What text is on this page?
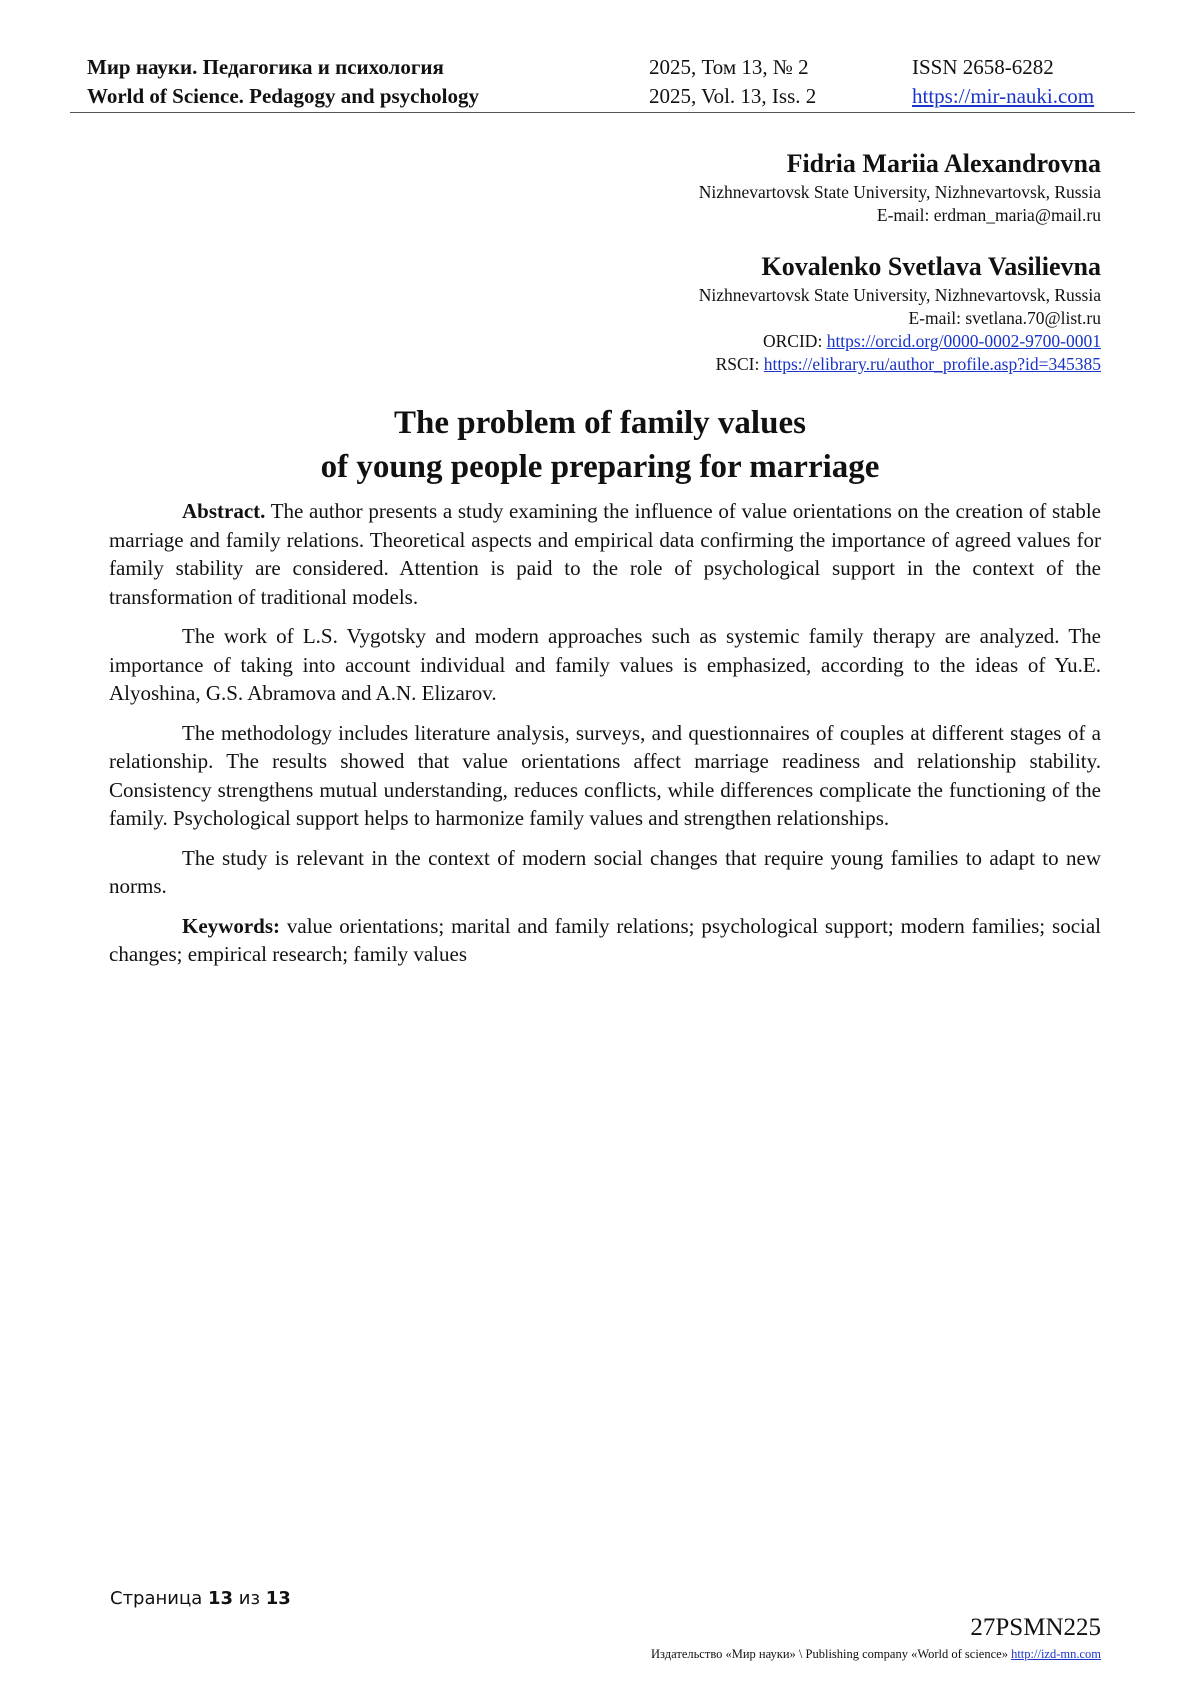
Мир науки. Педагогика и психология	2025, Том 13, № 2	ISSN 2658-6282
World of Science. Pedagogy and psychology	2025, Vol. 13, Iss. 2	https://mir-nauki.com
Fidria Mariia Alexandrovna
Nizhnevartovsk State University, Nizhnevartovsk, Russia
E-mail: erdman_maria@mail.ru
Kovalenko Svetlava Vasilievna
Nizhnevartovsk State University, Nizhnevartovsk, Russia
E-mail: svetlana.70@list.ru
ORCID: https://orcid.org/0000-0002-9700-0001
RSCI: https://elibrary.ru/author_profile.asp?id=345385
The problem of family values
of young people preparing for marriage

Abstract. The author presents a study examining the influence of value orientations on the creation of stable marriage and family relations. Theoretical aspects and empirical data confirming the importance of agreed values for family stability are considered. Attention is paid to the role of psychological support in the context of the transformation of traditional models.

The work of L.S. Vygotsky and modern approaches such as systemic family therapy are analyzed. The importance of taking into account individual and family values is emphasized, according to the ideas of Yu.E. Alyoshina, G.S. Abramova and A.N. Elizarov.

The methodology includes literature analysis, surveys, and questionnaires of couples at different stages of a relationship. The results showed that value orientations affect marriage readiness and relationship stability. Consistency strengthens mutual understanding, reduces conflicts, while differences complicate the functioning of the family. Psychological support helps to harmonize family values and strengthen relationships.

The study is relevant in the context of modern social changes that require young families to adapt to new norms.

Keywords: value orientations; marital and family relations; psychological support; modern families; social changes; empirical research; family values

Страница 13 из 13
27PSMN225
Издательство «Мир науки» \ Publishing company «World of science» http://izd-mn.com
